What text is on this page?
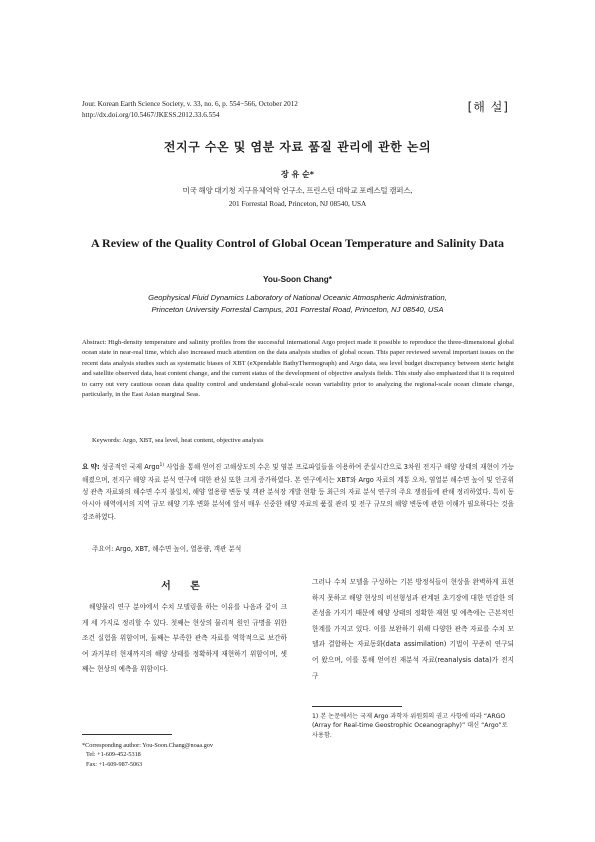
Jour. Korean Earth Science Society, v. 33, no. 6, p. 554−566, October 2012
http://dx.doi.org/10.5467/JKESS.2012.33.6.554
[해 설]
전지구 수온 및 염분 자료 품질 관리에 관한 논의
장 유 순*
미국 해양 대기청 지구유체역학 연구소, 프린스턴 대학교 포레스털 캠퍼스,
201 Forrestal Road, Princeton, NJ 08540, USA
A Review of the Quality Control of Global Ocean Temperature and Salinity Data
You-Soon Chang*
Geophysical Fluid Dynamics Laboratory of National Oceanic Atmospheric Administration,
Princeton University Forrestal Campus, 201 Forrestal Road, Princeton, NJ 08540, USA
Abstract: High-density temperature and salinity profiles from the successful international Argo project made it possible to reproduce the three-dimensional global ocean state in near-real time, which also increased much attention on the data analysis studies of global ocean. This paper reviewed several important issues on the recent data analysis studies such as systematic biases of XBT (eXpendable BathyThermograph) and Argo data, sea level budget discrepancy between steric height and satellite observed data, heat content change, and the current status of the development of objective analysis fields. This study also emphasized that it is required to carry out very cautious ocean data quality control and understand global-scale ocean variability prior to analyzing the regional-scale ocean climate change, particularly, in the East Asian marginal Seas.
Keywords: Argo, XBT, sea level, heat content, objective analysis
요 약: 성공적인 국제 Argo$^{1)}$ 사업을 통해 얻어진 고해상도의 수온 및 염분 프로파일들을 이용하여 준실시간으로 3차원 전지구 해양 상태의 재현이 가능해졌으며, 전지구 해양 자료 분석 연구에 대한 관심 또한 크게 증가하였다. 본 연구에서는 XBT와 Argo 자료의 계통 오차, 염열분 해수면 높이 및 인공위성 관측 자료와의 해수면 수지 불일치, 해양 열용량 변동 및 객관 분석장 개발 현황 등 최근의 자료 분석 연구의 주요 쟁점들에 관해 정리하였다. 특히 동아시아 해역에서의 지역 규모 해양 기후 변화 분석에 앞서 매우 신중한 해양 자료의 품질 관리 및 전구 규모의 해양 변동에 관한 이해가 필요하다는 것을 강조하였다.
주요어: Argo, XBT, 해수면 높이, 열용량, 객관 분석
서 론
해양물리 연구 분야에서 수치 모델링을 하는 이유를 나음과 같이 크게 세 가지로 정리할 수 있다. 첫째는 현상의 물리적 원인 규명을 위한 조건 실험을 위함이며, 둘째는 부족한 관측 자료를 역학적으로 보간하여 과거부터 현재까지의 해양 상태를 정확하게 재현하기 위함이며, 셋째는 현상의 예측을 위함이다.
그러나 수치 모델을 구성하는 기본 방정식들이 현상을 완벽하게 표현하지 못하고 해양 현상의 비선형성과 관계된 초기장에 대한 민감한 의존성을 가지기 때문에 해양 상태의 정확한 재현 및 예측에는 근본적인 한계를 가지고 있다. 이를 보완하기 위해 다양한 관측 자료를 수치 모델과 결합하는 자료동화(data assimilation) 기법이 꾸준히 연구되어 왔으며, 이를 통해 얻어진 재분석 자료(reanalysis data)가 전지구
*Corresponding author: You-Soon.Chang@noaa.gov
Tel: +1-609-452-5318
Fax: +1-609-987-5063
1) 본 논문에서는 국제 Argo 과학자 위원회의 권고 사항에 따라 “ARGO (Array for Real-time Geostrophic Oceanography)” 대신 “Argo”로 사용함.
